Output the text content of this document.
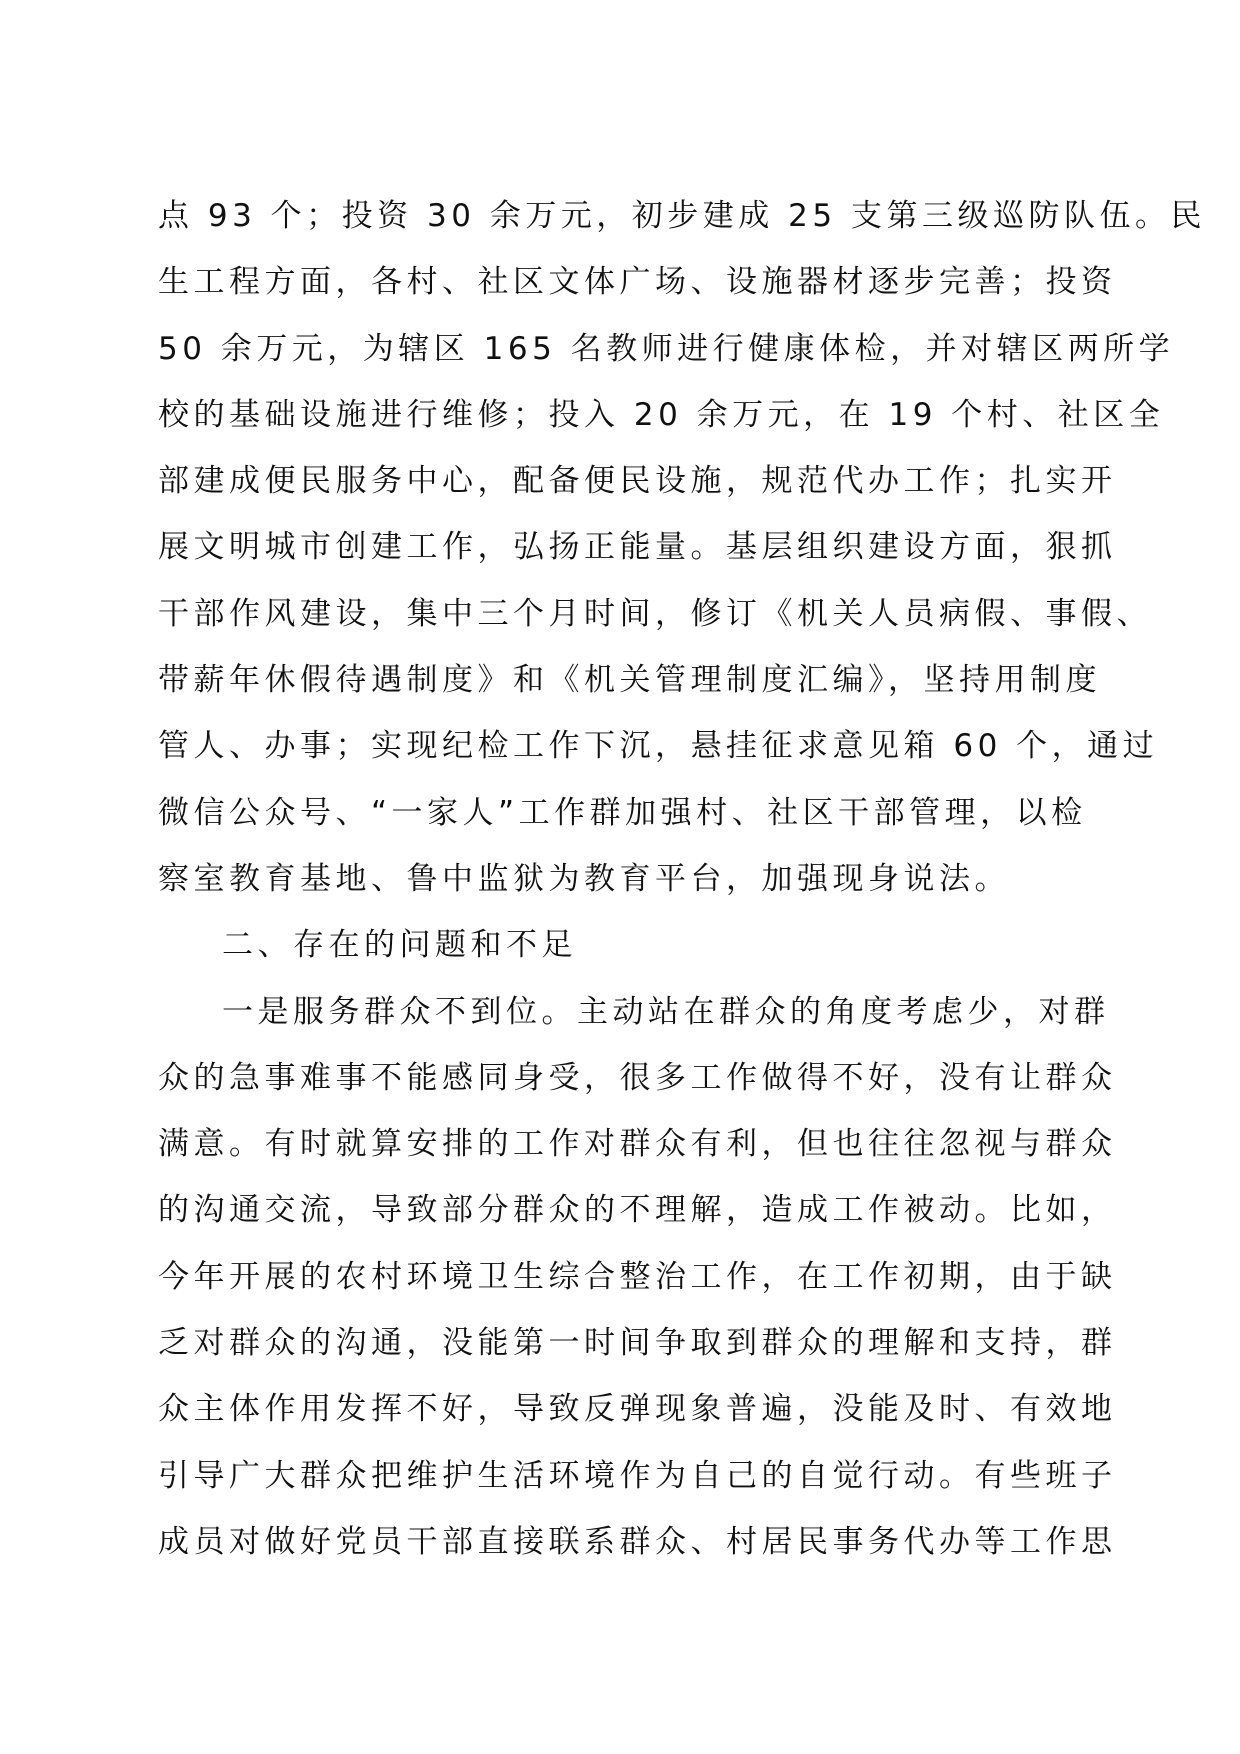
点 93 个；投资 30 余万元，初步建成 25 支第三级巡防队伍。民
生工程方面，各村、社区文体广场、设施器材逐步完善；投资
50 余万元，为辖区 165 名教师进行健康体检，并对辖区两所学
校的基础设施进行维修；投入 20 余万元，在 19 个村、社区全
部建成便民服务中心，配备便民设施，规范代办工作；扎实开
展文明城市创建工作，弘扬正能量。基层组织建设方面，狠抓
干部作风建设，集中三个月时间，修订《机关人员病假、事假、
带薪年休假待遇制度》和《机关管理制度汇编》，坚持用制度
管人、办事；实现纪检工作下沉，悬挂征求意见箱 60 个，通过
微信公众号、“一家人”工作群加强村、社区干部管理，以检
察室教育基地、鲁中监狱为教育平台，加强现身说法。
二、存在的问题和不足
一是服务群众不到位。主动站在群众的角度考虑少，对群
众的急事难事不能感同身受，很多工作做得不好，没有让群众
满意。有时就算安排的工作对群众有利，但也往往忽视与群众
的沟通交流，导致部分群众的不理解，造成工作被动。比如，
今年开展的农村环境卫生综合整治工作，在工作初期，由于缺
乏对群众的沟通，没能第一时间争取到群众的理解和支持，群
众主体作用发挥不好，导致反弹现象普遍，没能及时、有效地
引导广大群众把维护生活环境作为自己的自觉行动。有些班子
成员对做好党员干部直接联系群众、村居民事务代办等工作思
